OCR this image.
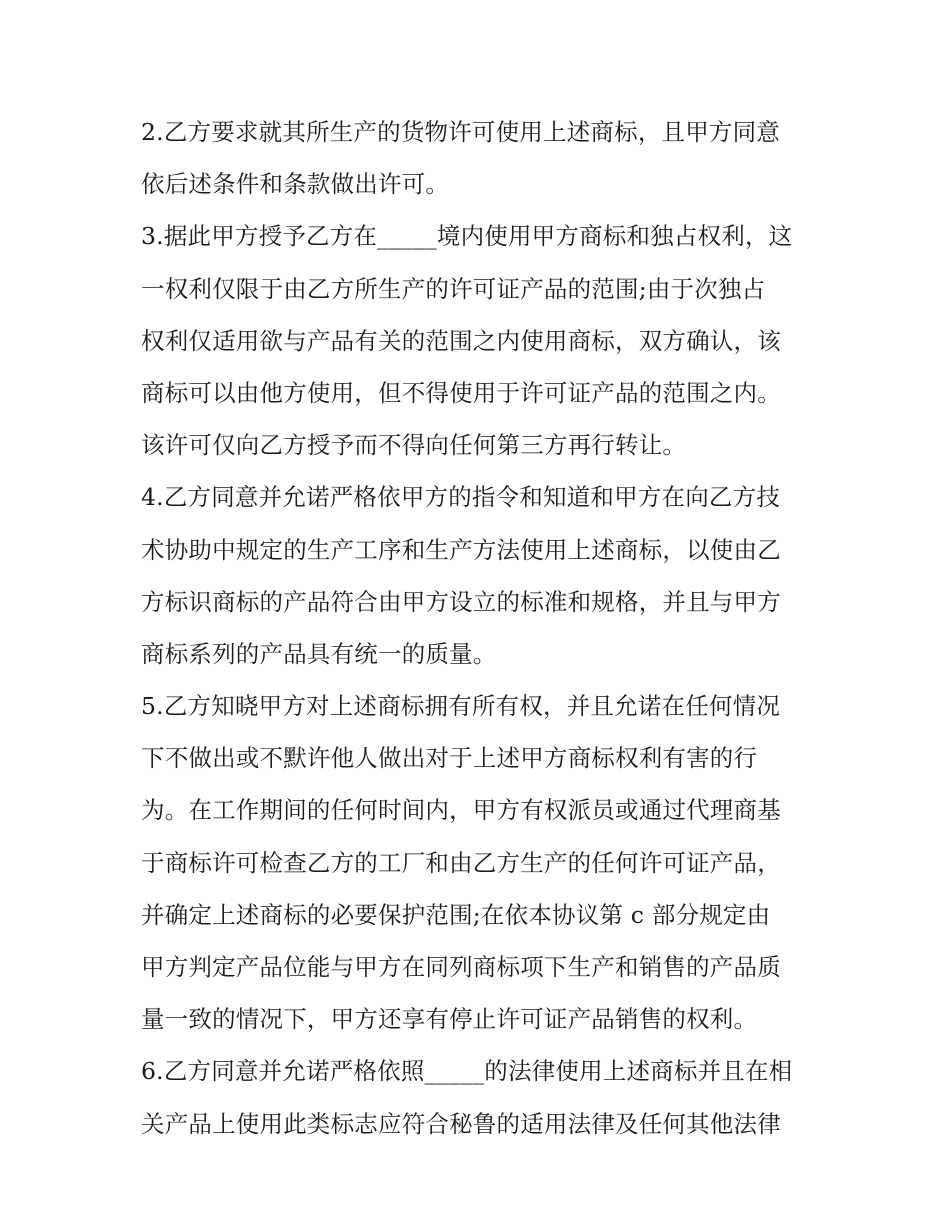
2.乙方要求就其所生产的货物许可使用上述商标，且甲方同意
依后述条件和条款做出许可。
3.据此甲方授予乙方在_____境内使用甲方商标和独占权利，这
一权利仅限于由乙方所生产的许可证产品的范围;由于次独占
权利仅适用欲与产品有关的范围之内使用商标，双方确认，该
商标可以由他方使用，但不得使用于许可证产品的范围之内。
该许可仅向乙方授予而不得向任何第三方再行转让。
4.乙方同意并允诺严格依甲方的指令和知道和甲方在向乙方技
术协助中规定的生产工序和生产方法使用上述商标，以使由乙
方标识商标的产品符合由甲方设立的标准和规格，并且与甲方
商标系列的产品具有统一的质量。
5.乙方知晓甲方对上述商标拥有所有权，并且允诺在任何情况
下不做出或不默许他人做出对于上述甲方商标权利有害的行
为。在工作期间的任何时间内，甲方有权派员或通过代理商基
于商标许可检查乙方的工厂和由乙方生产的任何许可证产品，
并确定上述商标的必要保护范围;在依本协议第 c 部分规定由
甲方判定产品位能与甲方在同列商标项下生产和销售的产品质
量一致的情况下，甲方还享有停止许可证产品销售的权利。
6.乙方同意并允诺严格依照_____的法律使用上述商标并且在相
关产品上使用此类标志应符合秘鲁的适用法律及任何其他法律
